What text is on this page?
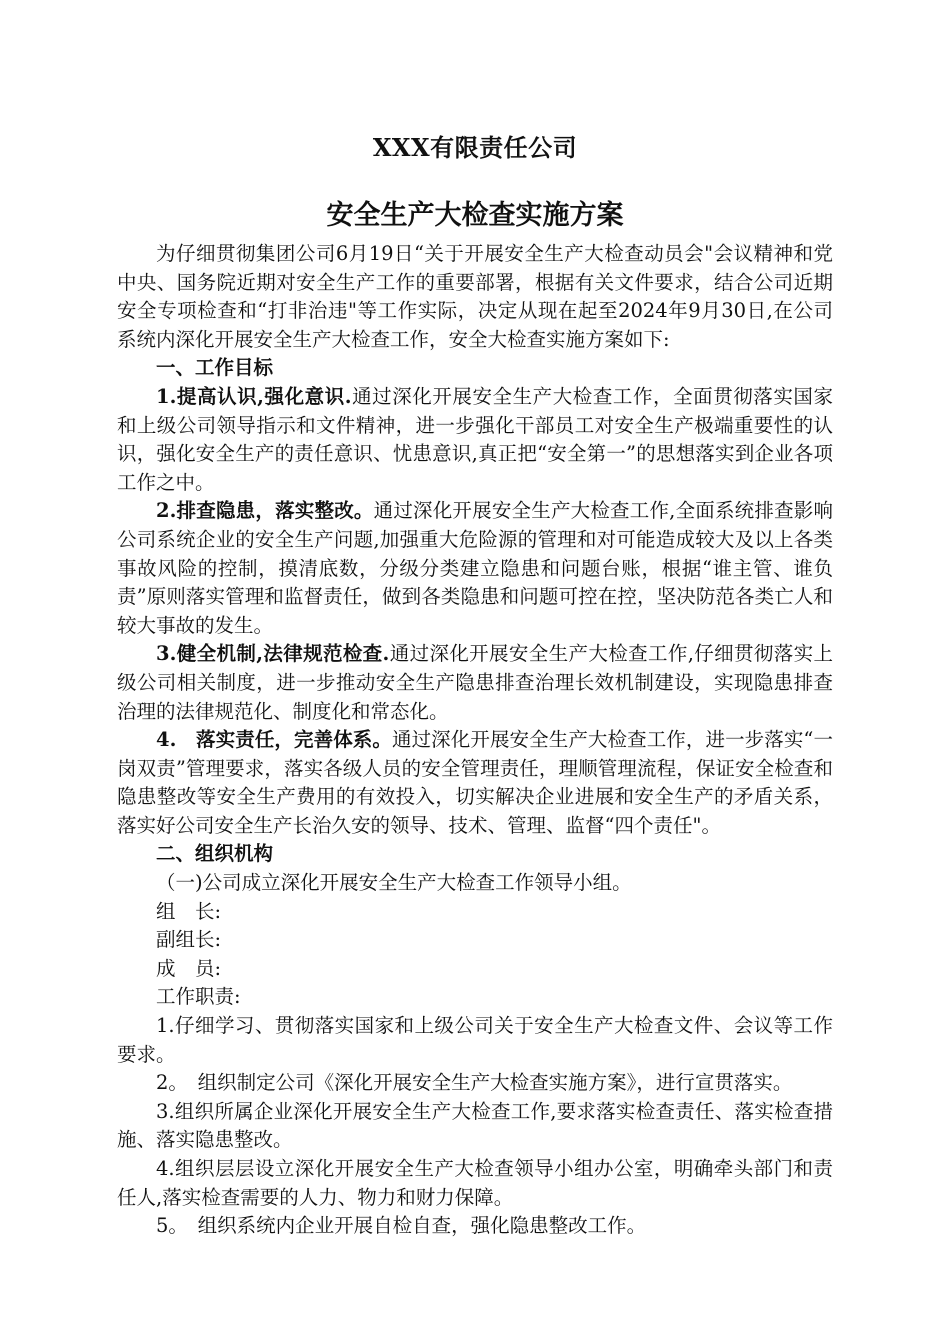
XXX有限责任公司
安全生产大检查实施方案

为仔细贯彻集团公司6月19日“关于开展安全生产大检查动员会"会议精神和党中央、国务院近期对安全生产工作的重要部署，根据有关文件要求，结合公司近期安全专项检查和“打非治违"等工作实际，决定从现在起至2024年9月30日,在公司系统内深化开展安全生产大检查工作，安全大检查实施方案如下:

一、工作目标

1.提高认识,强化意识.通过深化开展安全生产大检查工作，全面贯彻落实国家和上级公司领导指示和文件精神，进一步强化干部员工对安全生产极端重要性的认识，强化安全生产的责任意识、忧患意识,真正把“安全第一”的思想落实到企业各项工作之中。

2.排查隐患，落实整改。通过深化开展安全生产大检查工作,全面系统排查影响公司系统企业的安全生产问题,加强重大危险源的管理和对可能造成较大及以上各类事故风险的控制，摸清底数，分级分类建立隐患和问题台账，根据“谁主管、谁负责”原则落实管理和监督责任，做到各类隐患和问题可控在控，坚决防范各类亡人和较大事故的发生。

3.健全机制,法律规范检查.通过深化开展安全生产大检查工作,仔细贯彻落实上级公司相关制度，进一步推动安全生产隐患排查治理长效机制建设，实现隐患排查治理的法律规范化、制度化和常态化。

4.　落实责任，完善体系。通过深化开展安全生产大检查工作，进一步落实“一岗双责”管理要求，落实各级人员的安全管理责任，理顺管理流程，保证安全检查和隐患整改等安全生产费用的有效投入，切实解决企业进展和安全生产的矛盾关系，落实好公司安全生产长治久安的领导、技术、管理、监督“四个责任"。

二、组织机构

（一)公司成立深化开展安全生产大检查工作领导小组。

组　长:

副组长:

成　员:

工作职责:

1.仔细学习、贯彻落实国家和上级公司关于安全生产大检查文件、会议等工作要求。

2。　组织制定公司《深化开展安全生产大检查实施方案》，进行宣贯落实。

3.组织所属企业深化开展安全生产大检查工作,要求落实检查责任、落实检查措施、落实隐患整改。

4.组织层层设立深化开展安全生产大检查领导小组办公室，明确牵头部门和责任人,落实检查需要的人力、物力和财力保障。

5。　组织系统内企业开展自检自查，强化隐患整改工作。
